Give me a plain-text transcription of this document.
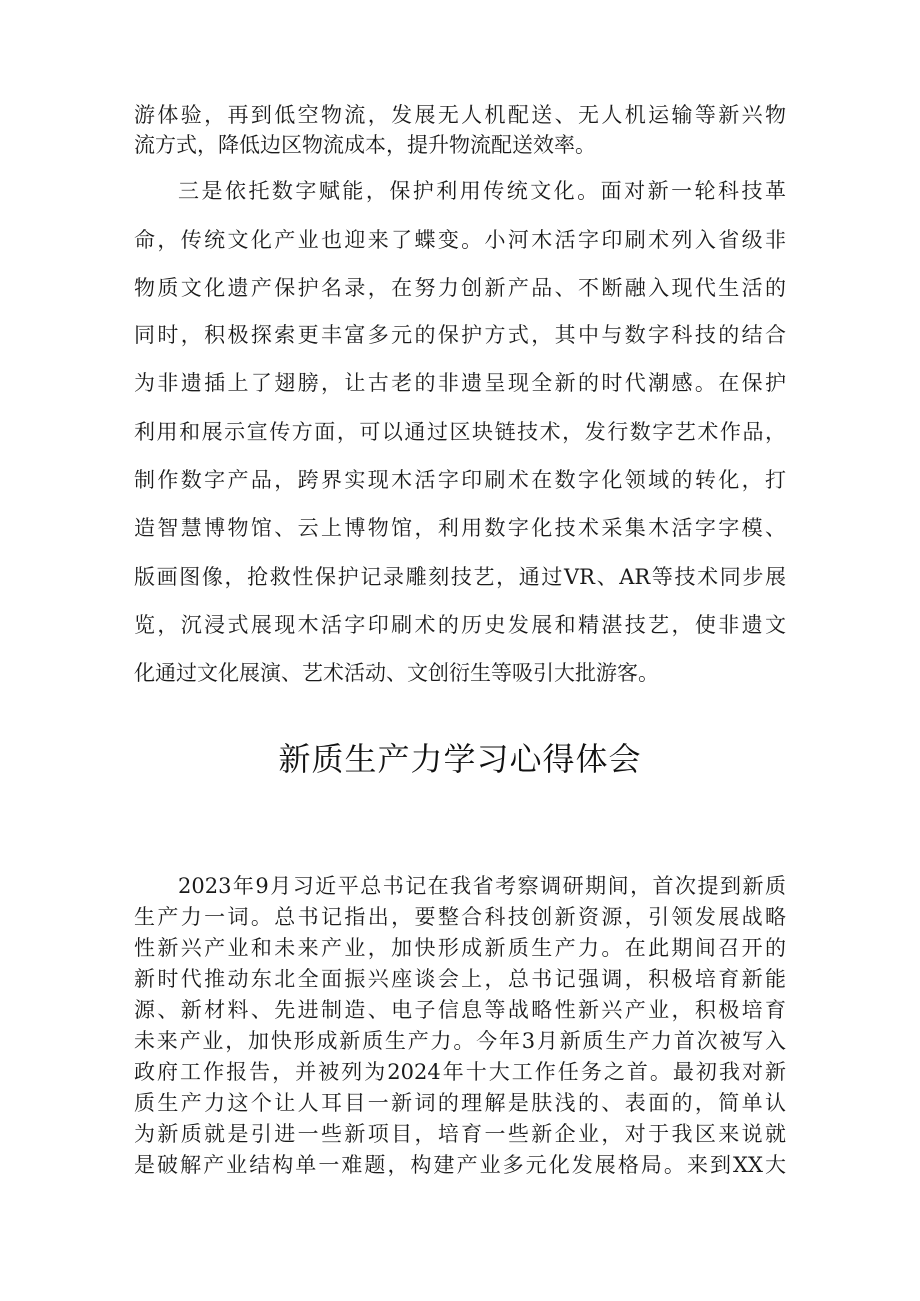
游体验，再到低空物流，发展无人机配送、无人机运输等新兴物
流方式，降低边区物流成本，提升物流配送效率。
三是依托数字赋能，保护利用传统文化。面对新一轮科技革
命，传统文化产业也迎来了蝶变。小河木活字印刷术列入省级非
物质文化遗产保护名录，在努力创新产品、不断融入现代生活的
同时，积极探索更丰富多元的保护方式，其中与数字科技的结合
为非遗插上了翅膀，让古老的非遗呈现全新的时代潮感。在保护
利用和展示宣传方面，可以通过区块链技术，发行数字艺术作品，
制作数字产品，跨界实现木活字印刷术在数字化领域的转化，打
造智慧博物馆、云上博物馆，利用数字化技术采集木活字字模、
版画图像，抢救性保护记录雕刻技艺，通过VR、AR等技术同步展
览，沉浸式展现木活字印刷术的历史发展和精湛技艺，使非遗文
化通过文化展演、艺术活动、文创衍生等吸引大批游客。
新质生产力学习心得体会
2023年9月习近平总书记在我省考察调研期间，首次提到新质
生产力一词。总书记指出，要整合科技创新资源，引领发展战略
性新兴产业和未来产业，加快形成新质生产力。在此期间召开的
新时代推动东北全面振兴座谈会上，总书记强调，积极培育新能
源、新材料、先进制造、电子信息等战略性新兴产业，积极培育
未来产业，加快形成新质生产力。今年3月新质生产力首次被写入
政府工作报告，并被列为2024年十大工作任务之首。最初我对新
质生产力这个让人耳目一新词的理解是肤浅的、表面的，简单认
为新质就是引进一些新项目，培育一些新企业，对于我区来说就
是破解产业结构单一难题，构建产业多元化发展格局。来到XX大
